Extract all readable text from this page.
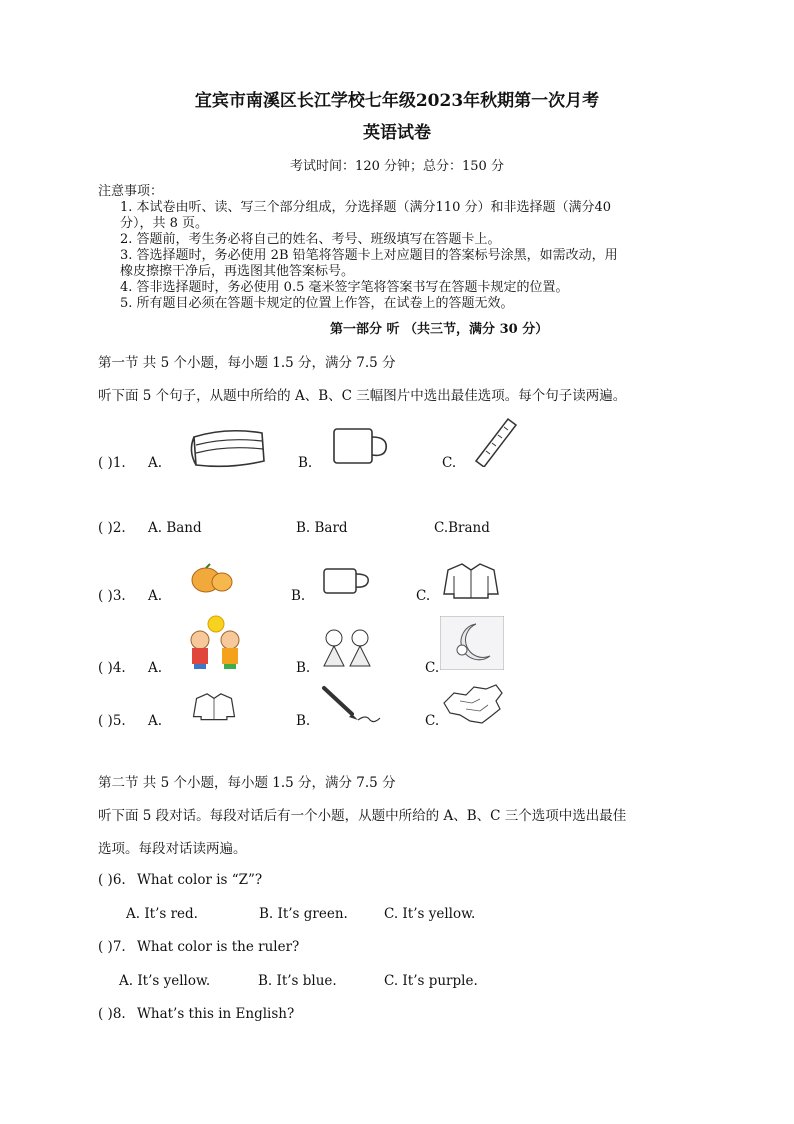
宜宾市南溪区长江学校七年级2023年秋期第一次月考
英语试卷
考试时间：120 分钟；总分：150 分
注意事项：
1. 本试卷由听、读、写三个部分组成，分选择题（满分110 分）和非选择题（满分40
分），共 8 页。
2. 答题前，考生务必将自己的姓名、考号、班级填写在答题卡上。
3. 答选择题时，务必使用 2B 铅笔将答题卡上对应题目的答案标号涂黑，如需改动，用
橡皮擦擦干净后，再选图其他答案标号。
4. 答非选择题时，务必使用 0.5 毫米签字笔将答案书写在答题卡规定的位置。
5. 所有题目必须在答题卡规定的位置上作答，在试卷上的答题无效。
第一部分 听 （共三节，满分 30 分）
第一节 共 5 个小题，每小题 1.5 分，满分 7.5 分
听下面 5 个句子，从题中所给的 A、B、C 三幅图片中选出最佳选项。每个句子读两遍。
( )1. A.	B.	C.
( )2. A. Band	B. Bard	C.Brand
( )3. A.	B.	C.
( )4. A.	B.	C.
( )5. A.	B.	C.
第二节 共 5 个小题，每小题 1.5 分，满分 7.5 分
听下面 5 段对话。每段对话后有一个小题，从题中所给的 A、B、C 三个选项中选出最佳
选项。每段对话读两遍。
( )6. What color is “Z”?
A. It’s red.	B. It’s green.	C. It’s yellow.
( )7. What color is the ruler?
A. It’s yellow.	B. It’s blue.	C. It’s purple.
( )8. What’s this in English?
